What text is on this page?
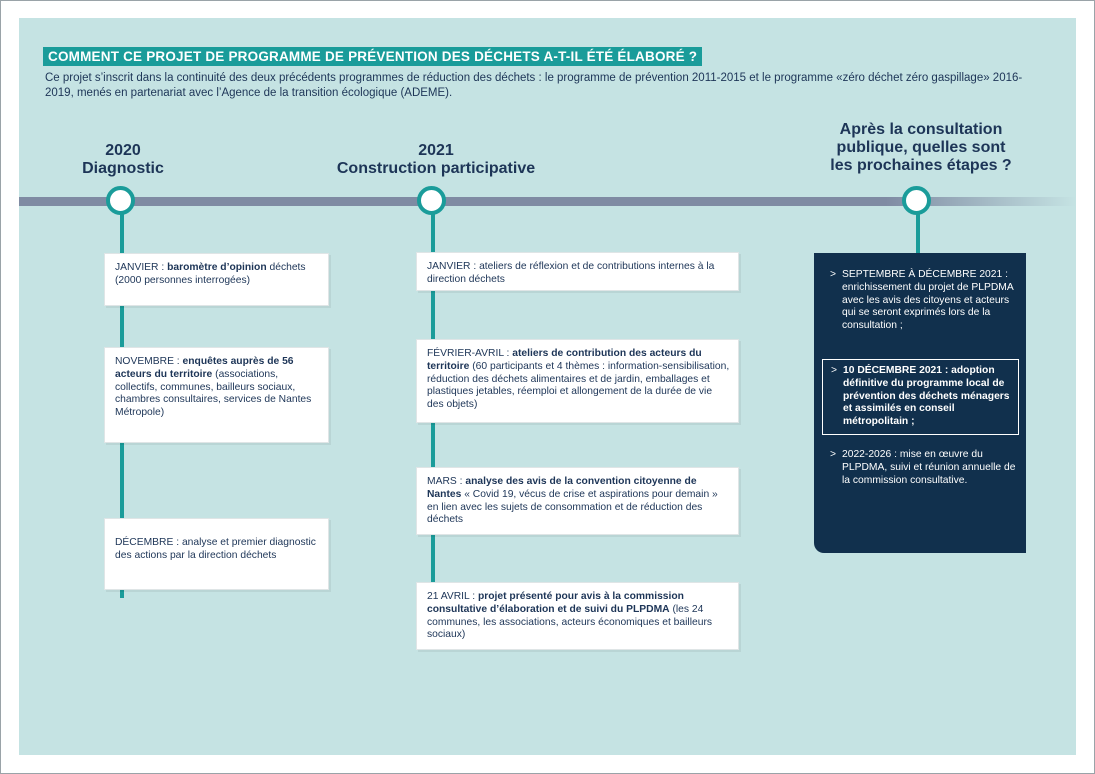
COMMENT CE PROJET DE PROGRAMME DE PRÉVENTION DES DÉCHETS A-T-IL ÉTÉ ÉLABORÉ ?
Ce projet s’inscrit dans la continuité des deux précédents programmes de réduction des déchets : le programme de prévention 2011-2015 et le programme «zéro déchet zéro gaspillage» 2016-2019, menés en partenariat avec l’Agence de la transition écologique (ADEME).
2020
Diagnostic
2021
Construction participative
Après la consultation
publique, quelles sont
les prochaines étapes ?
JANVIER : baromètre d’opinion déchets (2000 personnes interrogées)
NOVEMBRE : enquêtes auprès de 56 acteurs du territoire (associations, collectifs, communes, bailleurs sociaux, chambres consultaires, services de Nantes Métropole)
DÉCEMBRE : analyse et premier diagnostic des actions par la direction déchets
JANVIER : ateliers de réflexion et de contributions internes à la direction déchets
FÉVRIER-AVRIL : ateliers de contribution des acteurs du territoire (60 participants et 4 thèmes : information-sensibilisation, réduction des déchets alimentaires et de jardin, emballages et plastiques jetables, réemploi et allongement de la durée de vie des objets)
MARS : analyse des avis de la convention citoyenne de Nantes « Covid 19, vécus de crise et aspirations pour demain » en lien avec les sujets de consommation et de réduction des déchets
21 AVRIL : projet présenté pour avis à la commission consultative d’élaboration et de suivi du PLPDMA (les 24 communes, les associations, acteurs économiques et bailleurs sociaux)
> SEPTEMBRE À DÉCEMBRE 2021 : enrichissement du projet de PLPDMA avec les avis des citoyens et acteurs qui se seront exprimés lors de la consultation ;
> 10 DÉCEMBRE 2021 : adoption définitive du programme local de prévention des déchets ménagers et assimilés en conseil métropolitain ;
> 2022-2026 : mise en œuvre du PLPDMA, suivi et réunion annuelle de la commission consultative.
